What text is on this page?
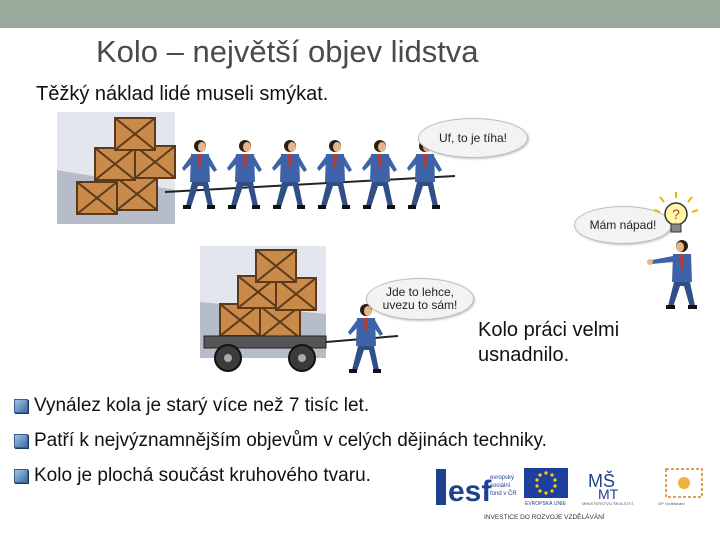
Kolo – největší objev lidstva
Těžký náklad lidé museli smýkat.
Uf, to je tíha!
Mám nápad!
?
Jde to lehce,
uvezu to sám!
Kolo práci velmi
usnadnilo.
Vynález kola je starý více než 7 tisíc let.
Patří k nejvýznamnějším objevům v celých dějinách techniky.
Kolo je plochá součást kruhového tvaru.	esf
evropský
sociální
fond v ČR
EVROPSKÁ UNIE
MŠ
MT
MINISTERSTVO ŠKOLSTVÍ,	OP Vzdělávání
INVESTICE DO ROZVOJE VZDĚLÁVÁNÍ
